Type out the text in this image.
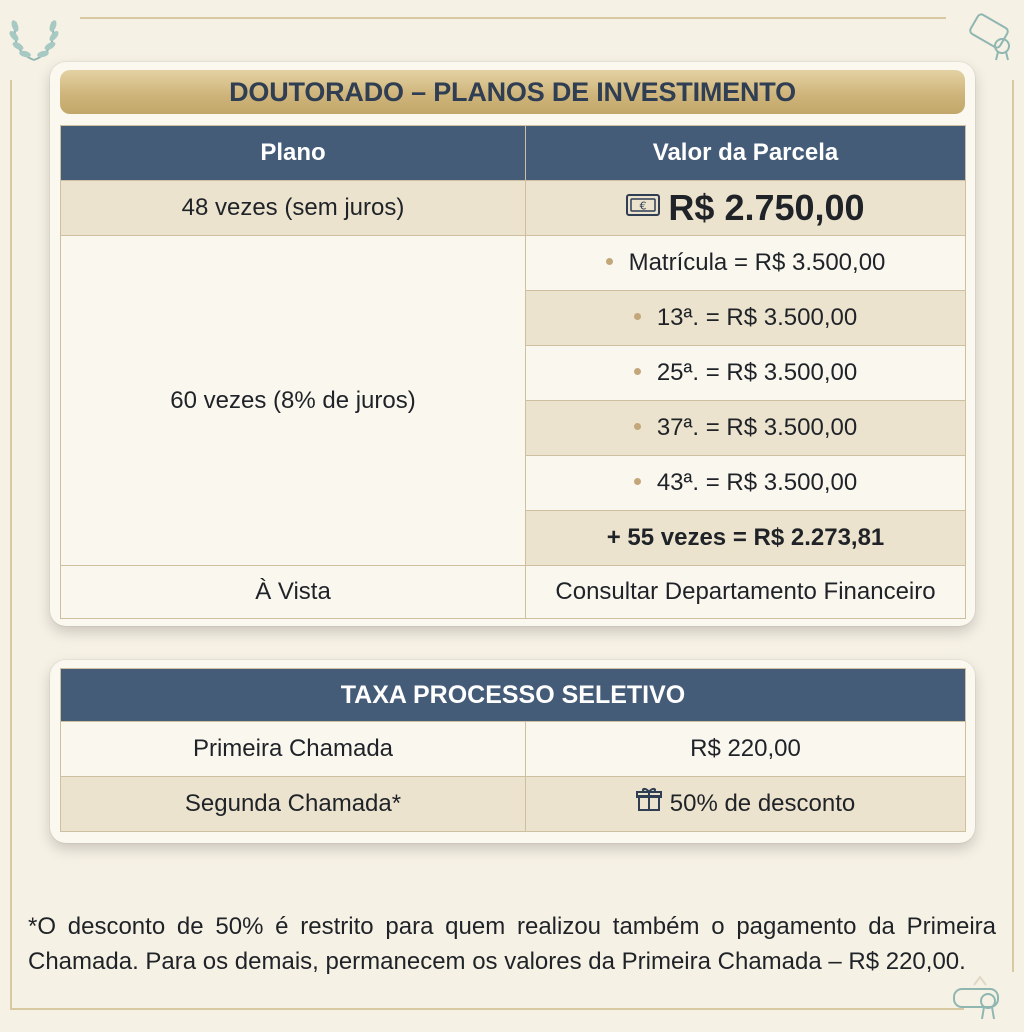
DOUTORADO – PLANOS DE INVESTIMENTO
Plano	Valor da Parcela
48 vezes (sem juros)	€ R$ 2.750,00
60 vezes (8% de juros)	Matrícula = R$ 3.500,00
	13ª. = R$ 3.500,00
	25ª. = R$ 3.500,00
	37ª. = R$ 3.500,00
	43ª. = R$ 3.500,00
	+ 55 vezes = R$ 2.273,81
À Vista	Consultar Departamento Financeiro
TAXA PROCESSO SELETIVO	
Primeira Chamada	R$ 220,00
Segunda Chamada*	50% de desconto

*O desconto de 50% é restrito para quem realizou também o pagamento da Primeira Chamada. Para os demais, permanecem os valores da Primeira Chamada – R$ 220,00.
